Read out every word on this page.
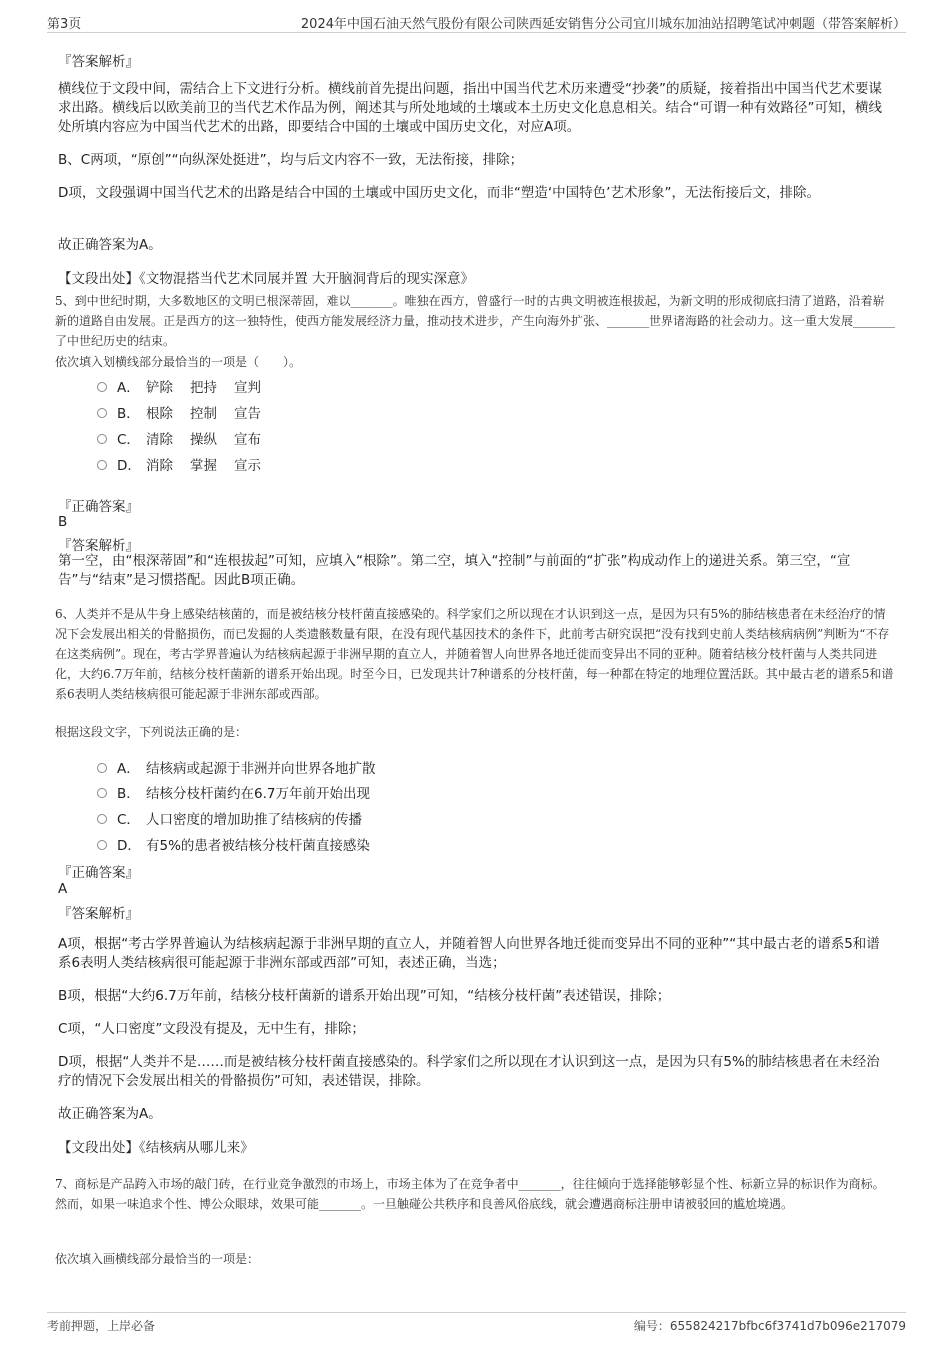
第3页	2024年中国石油天然气股份有限公司陕西延安销售分公司宜川城东加油站招聘笔试冲刺题（带答案解析）
『答案解析』

横线位于文段中间，需结合上下文进行分析。横线前首先提出问题，指出中国当代艺术历来遭受“抄袭”的质疑，接着指出中国当代艺术要谋求出路。横线后以欧美前卫的当代艺术作品为例，阐述其与所处地域的土壤或本土历史文化息息相关。结合“可谓一种有效路径”可知，横线处所填内容应为中国当代艺术的出路，即要结合中国的土壤或中国历史文化，对应A项。

B、C两项，“原创”“向纵深处挺进”，均与后文内容不一致，无法衔接，排除；

D项，文段强调中国当代艺术的出路是结合中国的土壤或中国历史文化，而非“塑造‘中国特色’艺术形象”，无法衔接后文，排除。

故正确答案为A。

【文段出处】《文物混搭当代艺术同展并置 大开脑洞背后的现实深意》

5、到中世纪时期，大多数地区的文明已根深蒂固，难以_______。唯独在西方，曾盛行一时的古典文明被连根拔起，为新文明的形成彻底扫清了道路，沿着崭新的道路自由发展。正是西方的这一独特性，使西方能发展经济力量，推动技术进步，产生向海外扩张、_______世界诸海路的社会动力。这一重大发展_______了中世纪历史的结束。

依次填入划横线部分最恰当的一项是（　　）。

A． 铲除 把持 宣判
B． 根除 控制 宣告
C． 清除 操纵 宣布
D． 消除 掌握 宣示
『正确答案』
B
『答案解析』

第一空，由“根深蒂固”和“连根拔起”可知，应填入“根除”。第二空，填入“控制”与前面的“扩张”构成动作上的递进关系。第三空，“宣告”与“结束”是习惯搭配。因此B项正确。

6、人类并不是从牛身上感染结核菌的，而是被结核分枝杆菌直接感染的。科学家们之所以现在才认识到这一点，是因为只有5%的肺结核患者在未经治疗的情况下会发展出相关的骨骼损伤，而已发掘的人类遗骸数量有限，在没有现代基因技术的条件下，此前考古研究误把“没有找到史前人类结核病病例”判断为“不存在这类病例”。现在，考古学界普遍认为结核病起源于非洲早期的直立人，并随着智人向世界各地迁徙而变异出不同的亚种。随着结核分枝杆菌与人类共同进化，大约6.7万年前，结核分枝杆菌新的谱系开始出现。时至今日，已发现共计7种谱系的分枝杆菌，每一种都在特定的地理位置活跃。其中最古老的谱系5和谱系6表明人类结核病很可能起源于非洲东部或西部。

根据这段文字，下列说法正确的是：

A． 结核病或起源于非洲并向世界各地扩散
B． 结核分枝杆菌约在6.7万年前开始出现
C． 人口密度的增加助推了结核病的传播
D． 有5%的患者被结核分枝杆菌直接感染
『正确答案』
A
『答案解析』

A项，根据“考古学界普遍认为结核病起源于非洲早期的直立人，并随着智人向世界各地迁徙而变异出不同的亚种”“其中最古老的谱系5和谱系6表明人类结核病很可能起源于非洲东部或西部”可知，表述正确，当选；

B项，根据“大约6.7万年前，结核分枝杆菌新的谱系开始出现”可知，“结核分枝杆菌”表述错误，排除；

C项，“人口密度”文段没有提及，无中生有，排除；

D项，根据“人类并不是……而是被结核分枝杆菌直接感染的。科学家们之所以现在才认识到这一点，是因为只有5%的肺结核患者在未经治疗的情况下会发展出相关的骨骼损伤”可知，表述错误，排除。

故正确答案为A。

【文段出处】《结核病从哪儿来》

7、商标是产品跨入市场的敲门砖，在行业竞争激烈的市场上，市场主体为了在竞争者中_______，往往倾向于选择能够彰显个性、标新立异的标识作为商标。然而，如果一味追求个性、博公众眼球，效果可能_______。一旦触碰公共秩序和良善风俗底线，就会遭遇商标注册申请被驳回的尴尬境遇。

依次填入画横线部分最恰当的一项是：

考前押题，上岸必备	编号：655824217bfbc6f3741d7b096e217079
